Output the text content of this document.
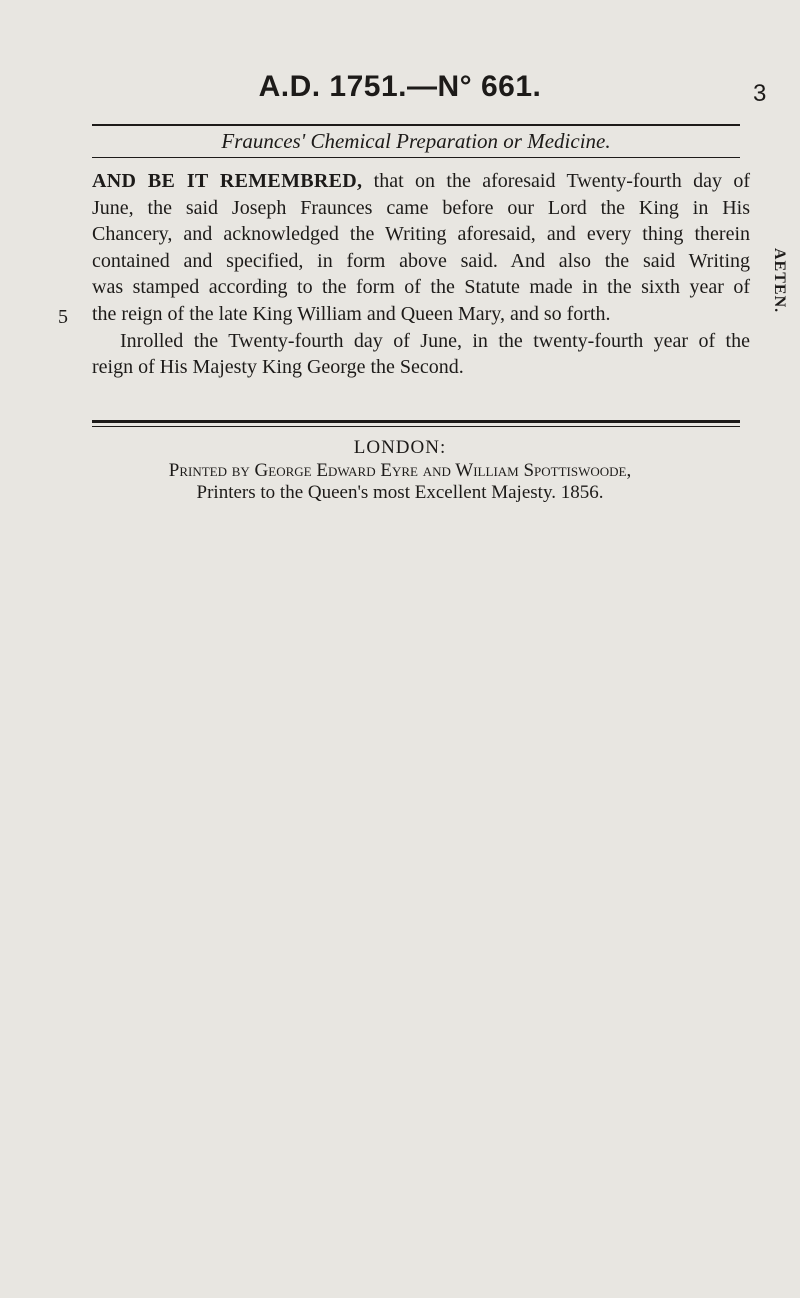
A.D. 1751.—N° 661.	3
Fraunces' Chemical Preparation or Medicine.
AND BE IT REMEMBRED, that on the aforesaid Twenty-fourth day of
June, the said Joseph Fraunces came before our Lord the King in His
Chancery, and acknowledged the Writing aforesaid, and every thing therein
contained and specified, in form above said. And also the said Writing
was stamped according to the form of the Statute made in the sixth year of
the reign of the late King William and Queen Mary, and so forth.
Inrolled the Twenty-fourth day of June, in the twenty-fourth year of the
reign of His Majesty King George the Second.
5
AETEN.
LONDON:
Printed by George Edward Eyre and William Spottiswoode,
Printers to the Queen's most Excellent Majesty. 1856.
